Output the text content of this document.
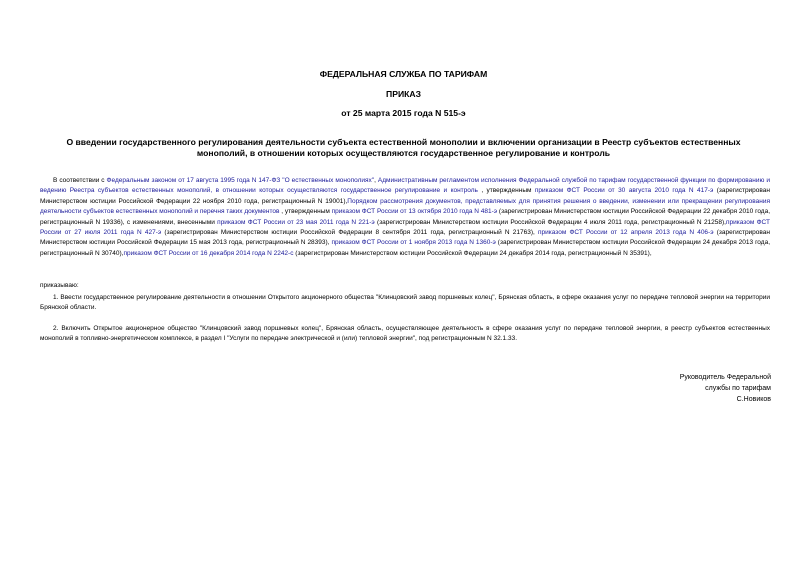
ФЕДЕРАЛЬНАЯ СЛУЖБА ПО ТАРИФАМ
ПРИКАЗ
от 25 марта 2015 года N 515-э
О введении государственного регулирования деятельности субъекта естественной монополии и включении организации в Реестр субъектов естественных монополий, в отношении которых осуществляются государственное регулирование и контроль
В соответствии с Федеральным законом от 17 августа 1995 года N 147-ФЗ "О естественных монополиях", Административным регламентом исполнения Федеральной службой по тарифам государственной функции по формированию и ведению Реестра субъектов естественных монополий, в отношении которых осуществляются государственное регулирование и контроль , утвержденным приказом ФСТ России от 30 августа 2010 года N 417-э (зарегистрирован Министерством юстиции Российской Федерации 22 ноября 2010 года, регистрационный N 19001),Порядком рассмотрения документов, представляемых для принятия решения о введении, изменении или прекращении регулирования деятельности субъектов естественных монополий и перечня таких документов , утвержденным приказом ФСТ России от 13 октября 2010 года N 481-э (зарегистрирован Министерством юстиции Российской Федерации 22 декабря 2010 года, регистрационный N 19336), с изменениями, внесенными приказом ФСТ России от 23 мая 2011 года N 221-э (зарегистрирован Министерством юстиции Российской Федерации 4 июля 2011 года, регистрационный N 21258),приказом ФСТ России от 27 июля 2011 года N 427-э (зарегистрирован Министерством юстиции Российской Федерации 8 сентября 2011 года, регистрационный N 21763), приказом ФСТ России от 12 апреля 2013 года N 406-э (зарегистрирован Министерством юстиции Российской Федерации 15 мая 2013 года, регистрационный N 28393), приказом ФСТ России от 1 ноября 2013 года N 1360-э (зарегистрирован Министерством юстиции Российской Федерации 24 декабря 2013 года, регистрационный N 30740),приказом ФСТ России от 16 декабря 2014 года N 2242-с (зарегистрирован Министерством юстиции Российской Федерации 24 декабря 2014 года, регистрационный N 35391),
приказываю:
1. Ввести государственное регулирование деятельности в отношении Открытого акционерного общества "Клинцовский завод поршневых колец", Брянская область, в сфере оказания услуг по передаче тепловой энергии на территории Брянской области.
2. Включить Открытое акционерное общество "Клинцовский завод поршневых колец", Брянская область, осуществляющее деятельность в сфере оказания услуг по передаче тепловой энергии, в реестр субъектов естественных монополий в топливно-энергетическом комплексе, в раздел I "Услуги по передаче электрической и (или) тепловой энергии", под регистрационным N 32.1.33.
Руководитель Федеральной
службы по тарифам
С.Новиков
